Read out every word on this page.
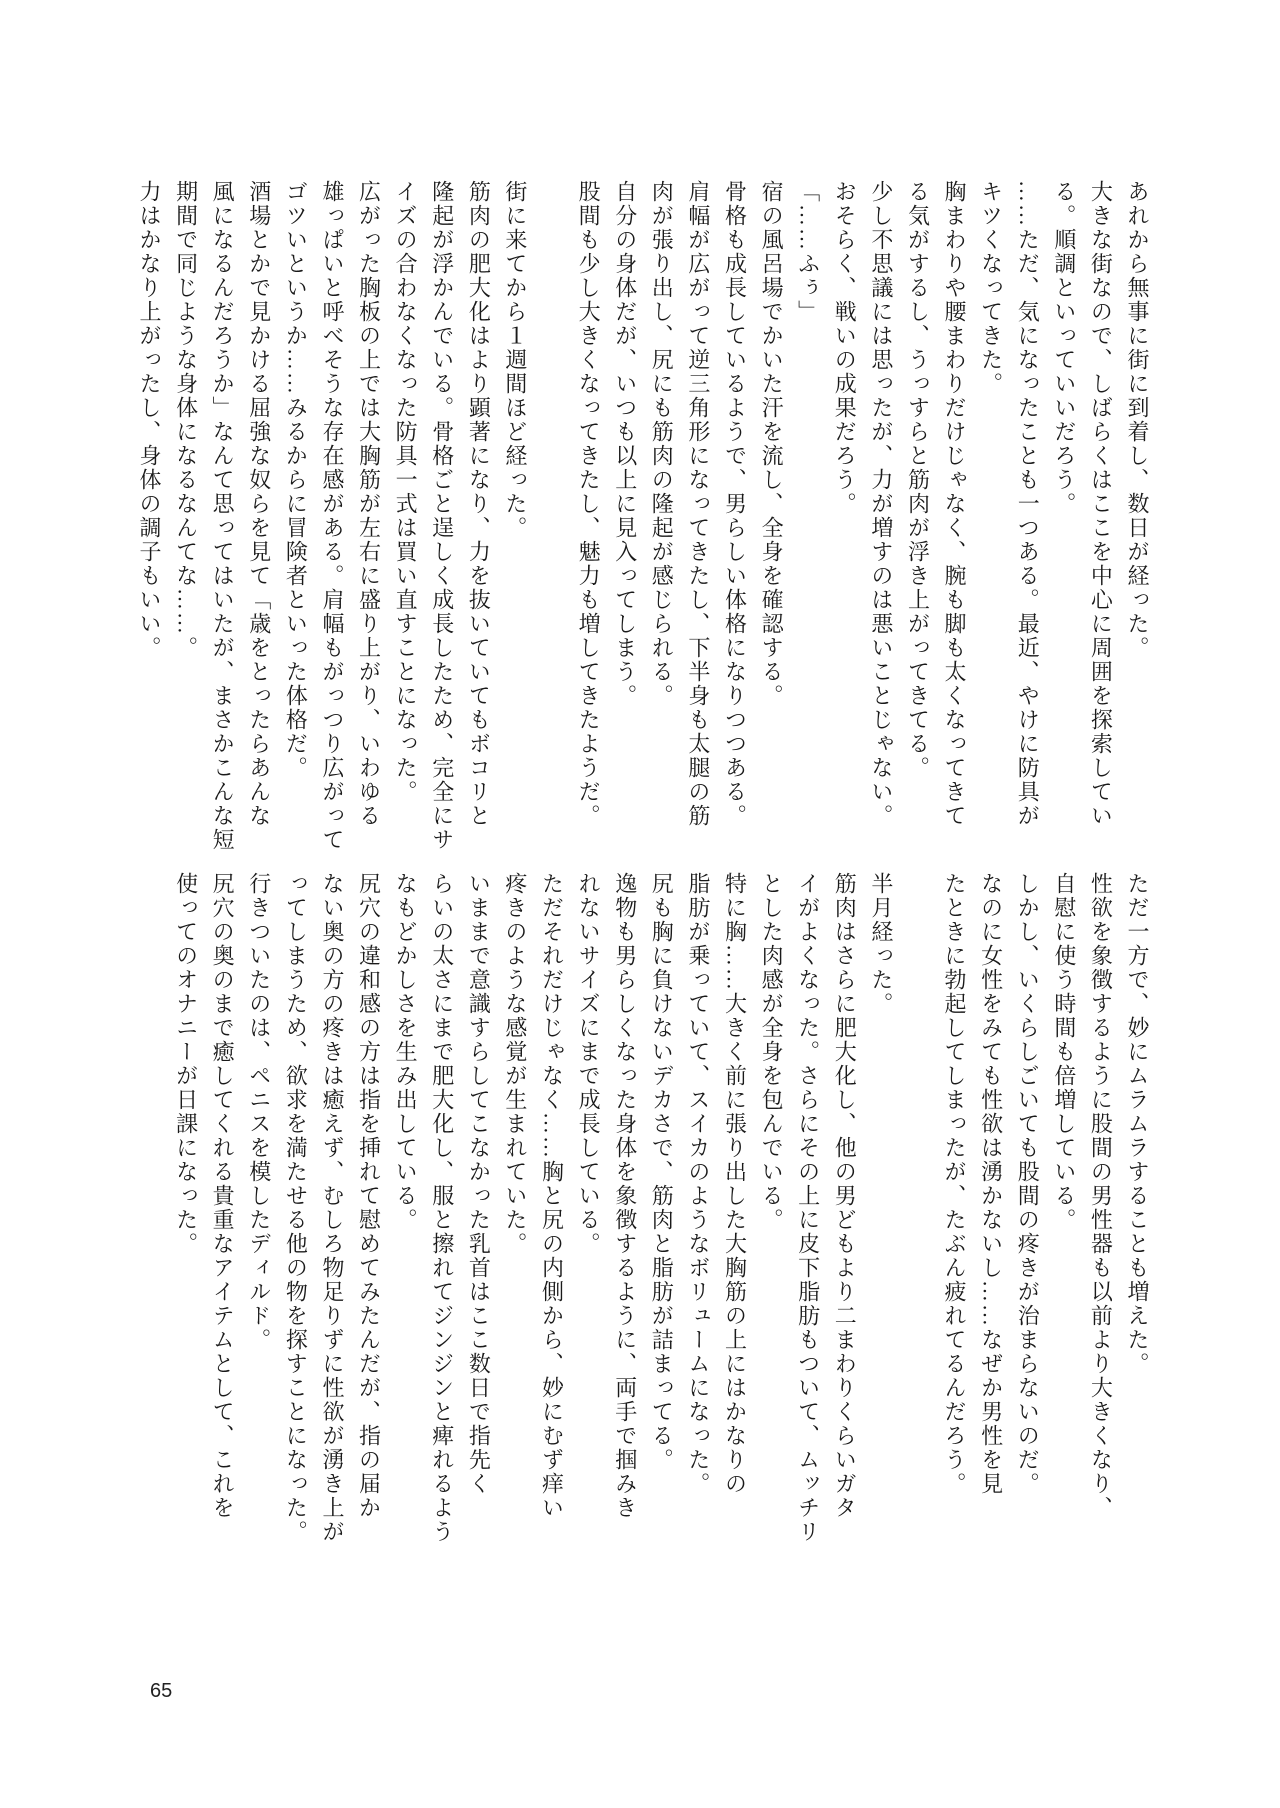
あれから無事に街に到着し、数日が経った。
大きな街なので、しばらくはここを中心に周囲を探索してい
る。順調といっていいだろう。
……ただ、気になったことも一つある。最近、やけに防具が
キツくなってきた。
胸まわりや腰まわりだけじゃなく、腕も脚も太くなってきて
る気がするし、うっすらと筋肉が浮き上がってきてる。
少し不思議には思ったが、力が増すのは悪いことじゃない。
おそらく、戦いの成果だろう。
「……ふぅ」
宿の風呂場でかいた汗を流し、全身を確認する。
骨格も成長しているようで、男らしい体格になりつつある。
肩幅が広がって逆三角形になってきたし、下半身も太腿の筋
肉が張り出し、尻にも筋肉の隆起が感じられる。
自分の身体だが、いつも以上に見入ってしまう。
股間も少し大きくなってきたし、魅力も増してきたようだ。
街に来てから１週間ほど経った。
筋肉の肥大化はより顕著になり、力を抜いていてもボコリと
隆起が浮かんでいる。骨格ごと逞しく成長したため、完全にサ
イズの合わなくなった防具一式は買い直すことになった。
広がった胸板の上では大胸筋が左右に盛り上がり、いわゆる
雄っぱいと呼べそうな存在感がある。肩幅もがっつり広がって
ゴツいというか……みるからに冒険者といった体格だ。
酒場とかで見かける屈強な奴らを見て「歳をとったらあんな
風になるんだろうか」なんて思ってはいたが、まさかこんな短
期間で同じような身体になるなんてな……。
力はかなり上がったし、身体の調子もいい。
ただ一方で、妙にムラムラすることも増えた。
性欲を象徴するように股間の男性器も以前より大きくなり、
自慰に使う時間も倍増している。
しかし、いくらしごいても股間の疼きが治まらないのだ。
なのに女性をみても性欲は湧かないし……なぜか男性を見
たときに勃起してしまったが、たぶん疲れてるんだろう。
半月経った。
筋肉はさらに肥大化し、他の男どもより二まわりくらいガタ
イがよくなった。さらにその上に皮下脂肪もついて、ムッチリ
とした肉感が全身を包んでいる。
特に胸……大きく前に張り出した大胸筋の上にはかなりの
脂肪が乗っていて、スイカのようなボリュームになった。
尻も胸に負けないデカさで、筋肉と脂肪が詰まってる。
逸物も男らしくなった身体を象徴するように、両手で掴みき
れないサイズにまで成長している。
ただそれだけじゃなく……胸と尻の内側から、妙にむず痒い
疼きのような感覚が生まれていた。
いままで意識すらしてこなかった乳首はここ数日で指先く
らいの太さにまで肥大化し、服と擦れてジンジンと痺れるよう
なもどかしさを生み出している。
尻穴の違和感の方は指を挿れて慰めてみたんだが、指の届か
ない奥の方の疼きは癒えず、むしろ物足りずに性欲が湧き上が
ってしまうため、欲求を満たせる他の物を探すことになった。
行きついたのは、ペニスを模したディルド。
尻穴の奥のまで癒してくれる貴重なアイテムとして、これを
使ってのオナニーが日課になった。
65
